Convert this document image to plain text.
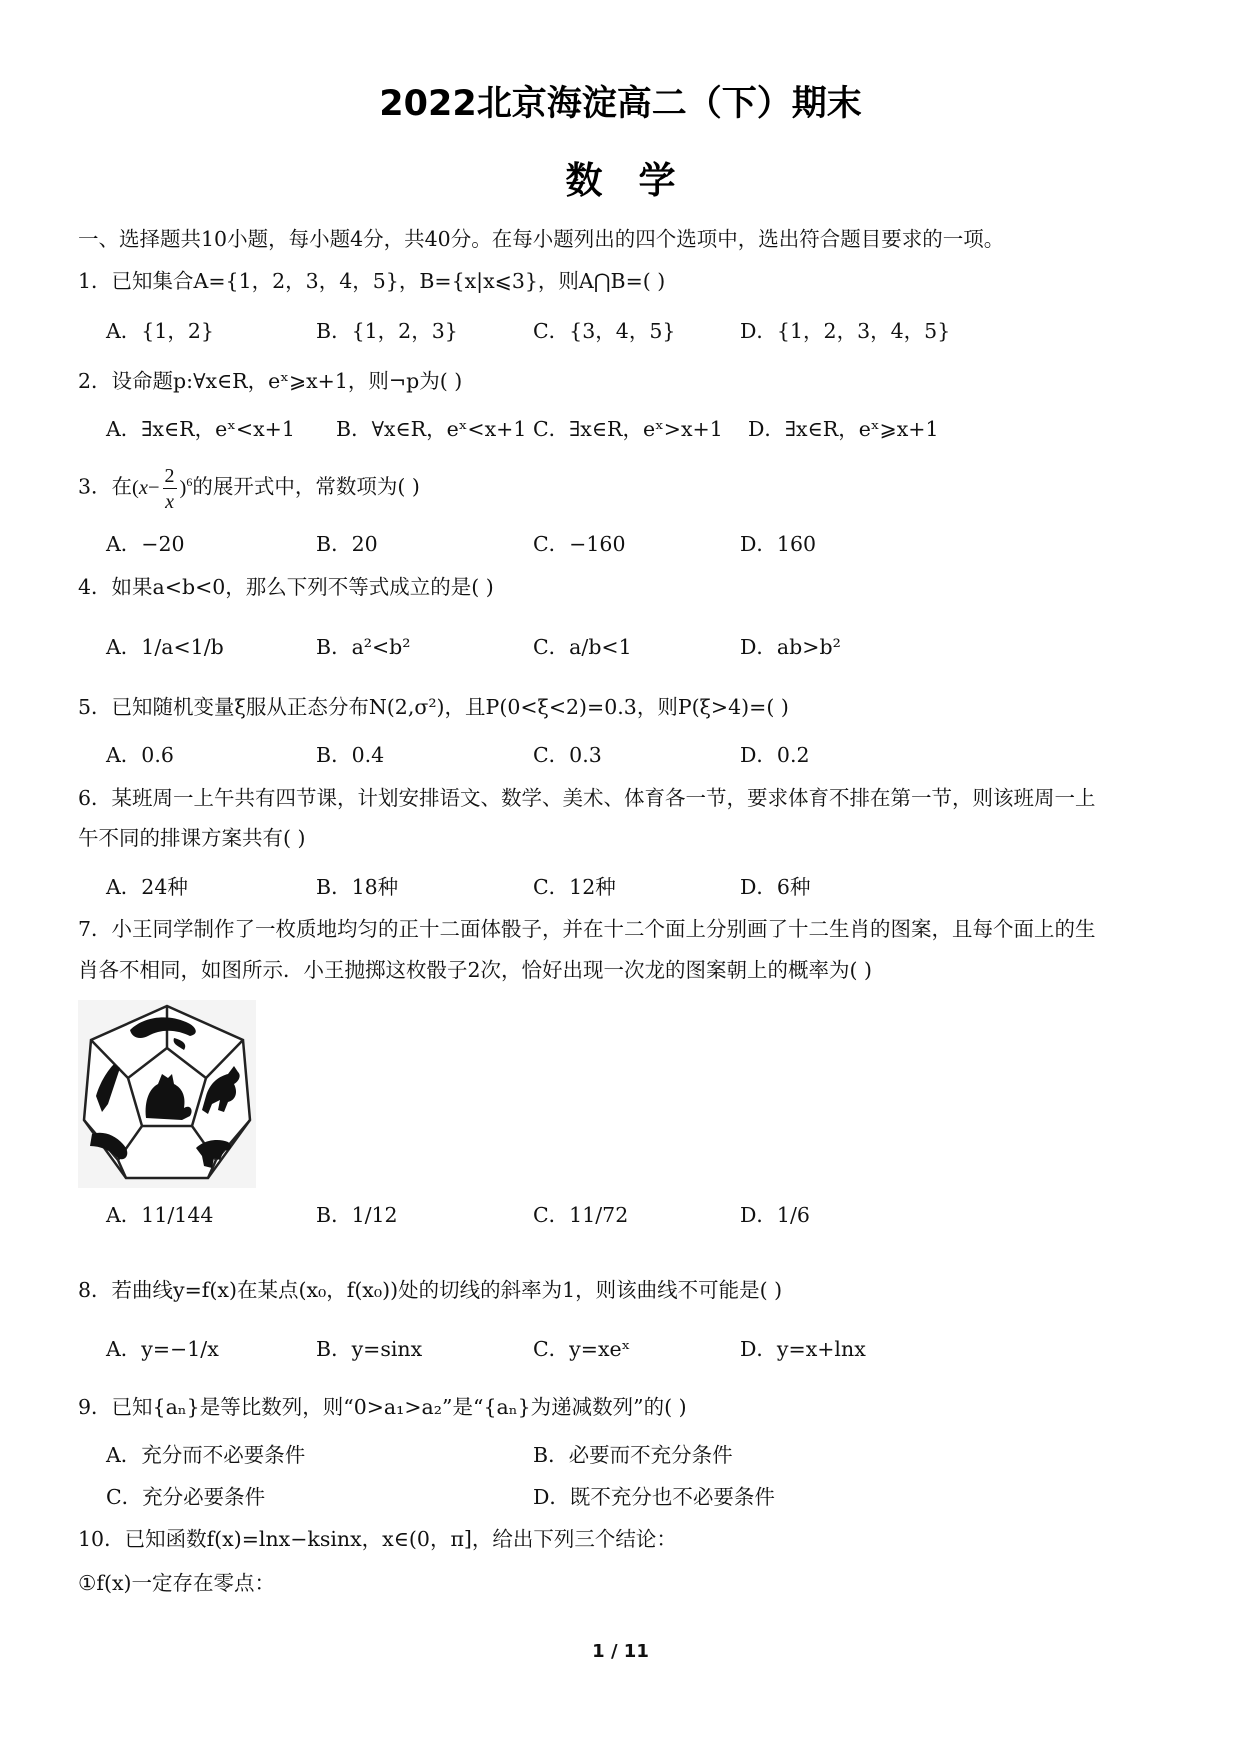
2022北京海淀高二（下）期末
数学
一、选择题共10小题，每小题4分，共40分。在每小题列出的四个选项中，选出符合题目要求的一项。
1．已知集合A={1，2，3，4，5}，B={x|x⩽3}，则A⋂B=( )
A．{1，2}	B．{1，2，3}	C．{3，4，5}	D．{1，2，3，4，5}
2．设命题p:∀x∈R，eˣ⩾x+1，则¬p为( )
A．∃x∈R，eˣ<x+1 B．∀x∈R，eˣ<x+1 C．∃x∈R，eˣ>x+1 D．∃x∈R，eˣ⩾x+1
3．在$(x- \frac{2}{x} )^6$的展开式中，常数项为( )
A．−20	B．20	C．−160	D．160
4．如果a<b<0，那么下列不等式成立的是( )
A．1/a<1/b	B．a²<b²	C．a/b<1	D．ab>b²
5．已知随机变量ξ服从正态分布N(2,σ²)，且P(0<ξ<2)=0.3，则P(ξ>4)=( )
A．0.6	B．0.4	C．0.3	D．0.2
6．某班周一上午共有四节课，计划安排语文、数学、美术、体育各一节，要求体育不排在第一节，则该班周一上
午不同的排课方案共有( )
A．24种	B．18种	C．12种	D．6种
7．小王同学制作了一枚质地均匀的正十二面体骰子，并在十二个面上分别画了十二生肖的图案，且每个面上的生
肖各不相同，如图所示．小王抛掷这枚骰子2次，恰好出现一次龙的图案朝上的概率为( )
A．11/144	B．1/12	C．11/72	D．1/6
8．若曲线y=f(x)在某点(x₀，f(x₀))处的切线的斜率为1，则该曲线不可能是( )
A．y=−1/x	B．y=sinx	C．y=xeˣ	D．y=x+lnx
9．已知{aₙ}是等比数列，则“0>a₁>a₂”是“{aₙ}为递减数列”的( )
A．充分而不必要条件	B．必要而不充分条件
C．充分必要条件	D．既不充分也不必要条件
10．已知函数f(x)=lnx−ksinx，x∈(0，π]，给出下列三个结论：
①f(x)一定存在零点：
1 / 11
